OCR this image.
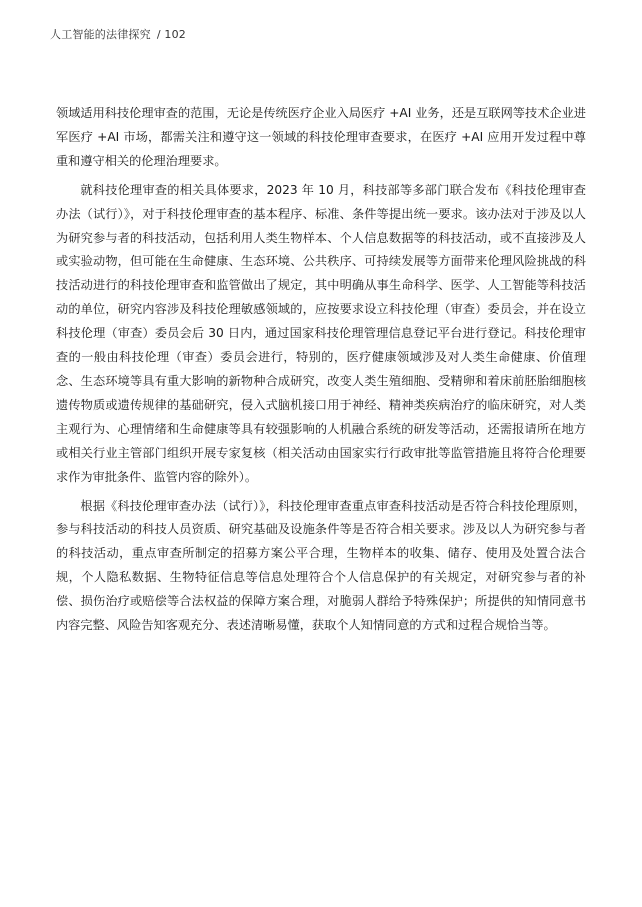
人工智能的法律探究 / 102

领域适用科技伦理审查的范围，无论是传统医疗企业入局医疗 +AI 业务，还是互联网等技术企业进军医疗 +AI 市场，都需关注和遵守这一领域的科技伦理审查要求，在医疗 +AI 应用开发过程中尊重和遵守相关的伦理治理要求。

就科技伦理审查的相关具体要求，2023 年 10 月，科技部等多部门联合发布《科技伦理审查办法（试行）》，对于科技伦理审查的基本程序、标准、条件等提出统一要求。该办法对于涉及以人为研究参与者的科技活动，包括利用人类生物样本、个人信息数据等的科技活动，或不直接涉及人或实验动物，但可能在生命健康、生态环境、公共秩序、可持续发展等方面带来伦理风险挑战的科技活动进行的科技伦理审查和监管做出了规定，其中明确从事生命科学、医学、人工智能等科技活动的单位，研究内容涉及科技伦理敏感领域的，应按要求设立科技伦理（审查）委员会，并在设立科技伦理（审查）委员会后 30 日内，通过国家科技伦理管理信息登记平台进行登记。科技伦理审查的一般由科技伦理（审查）委员会进行，特别的，医疗健康领域涉及对人类生命健康、价值理念、生态环境等具有重大影响的新物种合成研究，改变人类生殖细胞、受精卵和着床前胚胎细胞核遗传物质或遗传规律的基础研究，侵入式脑机接口用于神经、精神类疾病治疗的临床研究，对人类主观行为、心理情绪和生命健康等具有较强影响的人机融合系统的研发等活动，还需报请所在地方或相关行业主管部门组织开展专家复核（相关活动由国家实行行政审批等监管措施且将符合伦理要求作为审批条件、监管内容的除外）。

根据《科技伦理审查办法（试行）》，科技伦理审查重点审查科技活动是否符合科技伦理原则，参与科技活动的科技人员资质、研究基础及设施条件等是否符合相关要求。涉及以人为研究参与者的科技活动，重点审查所制定的招募方案公平合理，生物样本的收集、储存、使用及处置合法合规，个人隐私数据、生物特征信息等信息处理符合个人信息保护的有关规定，对研究参与者的补偿、损伤治疗或赔偿等合法权益的保障方案合理，对脆弱人群给予特殊保护；所提供的知情同意书内容完整、风险告知客观充分、表述清晰易懂，获取个人知情同意的方式和过程合规恰当等。
